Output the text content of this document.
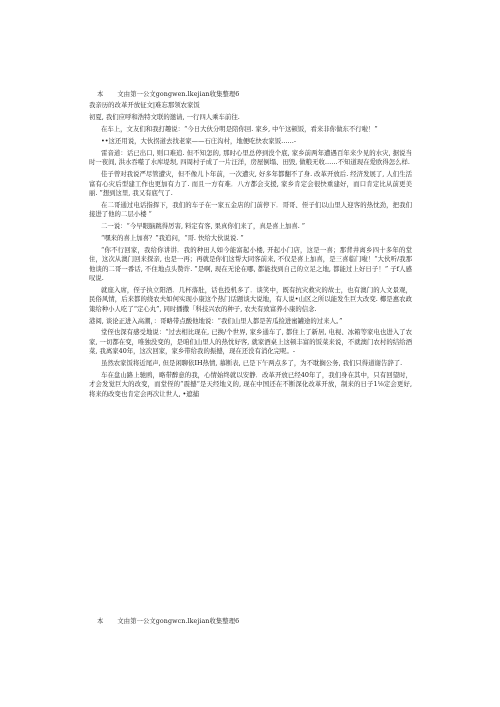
本 文由第一公文gongwen.lkejian收集整理6

我亲历的改革开放征文|难忘那领农家饭

初夏, 我们应呼和浩特文联的邀请, 一行四人乘车前往.

在车上，文友们和我打趣说：“今日大伙分明是陪你回. 家乡, 中午这顿饭，看来非你做东不行啦！”

••这还用说，大伙拐道去找老家——石庄沟村，地便吃快农家饭……-

雷音道：话已出口, 则口难追. 但不知怎的, 那时心里总停到没个底, 家乡前两年遭遇百年来少见的水灾, 据说当时一夜间, 洪水吞噬了水库堤坝, 四周村子成了一片汪洋，房屋倒塌、田毁, 做粮无收……不知道现在爱欧得怎么样.

佳子曾对我说严尽管遭灾，但不像儿卜年前，一次遭灾, 好多年都翻不了身. 改革开放后. 经济发展了, 人们生活富有心灾后型建工作也更加有力了. 而且一方有难．八方都会支援, 家乡肯定会很快重建好，而口肯定比从前更美丽. ”想到这里, 我又有底气了.

在二哥通过电话指挥下，我们的车子在一家五金店的门前停下．哥哥、侄子们以山里人迎客的热忱劲，把我们接进了他的二层小楼 “

二一说：“今早眼脑跳得厉害, 料定有客, 果真你们来了，真是喜上加喜. ”

“嘿来的喜上加喜？”我追问，“哥. 快给大伙说说. ”

“你不行回家，我给你讲讲．我的种田人如今能富起小楼, 开起小门店，这是一喜；那背井离乡四十多年的堂住，这次从澳门回来探亲, 也是一再；再就是你们这帮大同客前来, 不仅是喜上加喜，是三喜临门啦！“大伙听/我那他谈的二哥一番话, 不住地点头赞许. ”是啊, 现在无论在哪, 都能找到自己的立足之地, 都能过上好日子！” 子f人感叹说.

就座入席，侄子执立阳酒．几杯落肚，话也投机多了．谈笑中，既有抗灾救灾的故士，也有澳门的人文景观，民俗风情，后来都的绕农夫如何实现小康这个热门话题谈大说地，有人说•山区之所以能发生巨大改变. 椰是惠农政策给种小人吃了“定心丸”, 同时播撒「科技兴农的种子, 农夫有致富养小康的信念.

港阅, 谈论正进入高潮，：哥略带点酸他地说：“我们山里人都是苦瓜捡进蜜罐途的过来人。”

堂侄也深有感受地说：“过去相比现在, 已换/个世界, 家乡通车了, 都住上了新居, 电视、冰箱等家电也进入了农家, 一切都在变，唯独没变的，是咱们山里人的热忱好客, 就家酒桌上这顿丰富的饭菜来说，不就澳门农村的结给酒菜, 我离家40年，这次回家，家乡带给我的振撼，现在还没有消化完呢。-

虽然农家饭将近尾声, 但是闲聊依IH热情, 慕断表, 已是下午两点多了，为不耽搁公务, 我们只得道谢告辞了.

车在盘山路上驰鸥，略带醉意的我，心情始终就以安静．改革开放已经40年了，我们身在其中，只有回望时，才会发觉巨大的改变，而堂侄的“震撼“是天经地义的, 现在中国还在不断深化改革开放，制来的日子1⅛定会更好, 将来的改变也肯定会再次让世人, •遮捕

本 文由第一公文gongwcn.lkejian收集整理6
